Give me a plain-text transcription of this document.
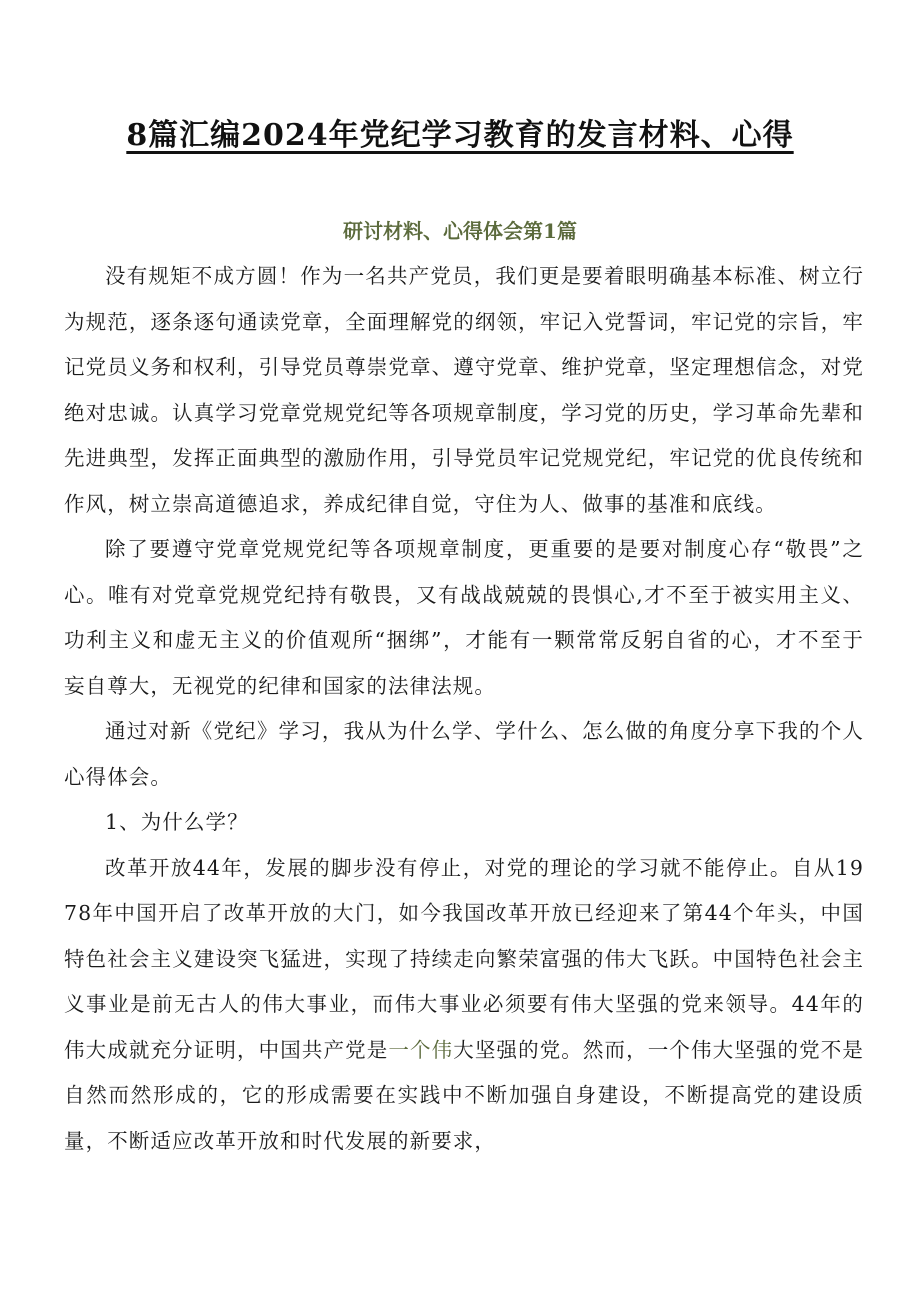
8篇汇编2024年党纪学习教育的发言材料、心得
研讨材料、心得体会第1篇

没有规矩不成方圆！作为一名共产党员，我们更是要着眼明确基本标准、树立行为规范，逐条逐句通读党章，全面理解党的纲领，牢记入党誓词，牢记党的宗旨，牢记党员义务和权利，引导党员尊崇党章、遵守党章、维护党章，坚定理想信念，对党绝对忠诚。认真学习党章党规党纪等各项规章制度，学习党的历史，学习革命先辈和先进典型，发挥正面典型的激励作用，引导党员牢记党规党纪，牢记党的优良传统和作风，树立崇高道德追求，养成纪律自觉，守住为人、做事的基准和底线。

除了要遵守党章党规党纪等各项规章制度，更重要的是要对制度心存“敬畏”之心。唯有对党章党规党纪持有敬畏，又有战战兢兢的畏惧心,才不至于被实用主义、功利主义和虚无主义的价值观所“捆绑”，才能有一颗常常反躬自省的心，才不至于妄自尊大，无视党的纪律和国家的法律法规。

通过对新《党纪》学习，我从为什么学、学什么、怎么做的角度分享下我的个人心得体会。

1、为什么学？

改革开放44年，发展的脚步没有停止，对党的理论的学习就不能停止。自从1978年中国开启了改革开放的大门，如今我国改革开放已经迎来了第44个年头，中国特色社会主义建设突飞猛进，实现了持续走向繁荣富强的伟大飞跃。中国特色社会主义事业是前无古人的伟大事业，而伟大事业必须要有伟大坚强的党来领导。44年的伟大成就充分证明，中国共产党是一个伟大坚强的党。然而，一个伟大坚强的党不是自然而然形成的，它的形成需要在实践中不断加强自身建设，不断提高党的建设质量，不断适应改革开放和时代发展的新要求，
